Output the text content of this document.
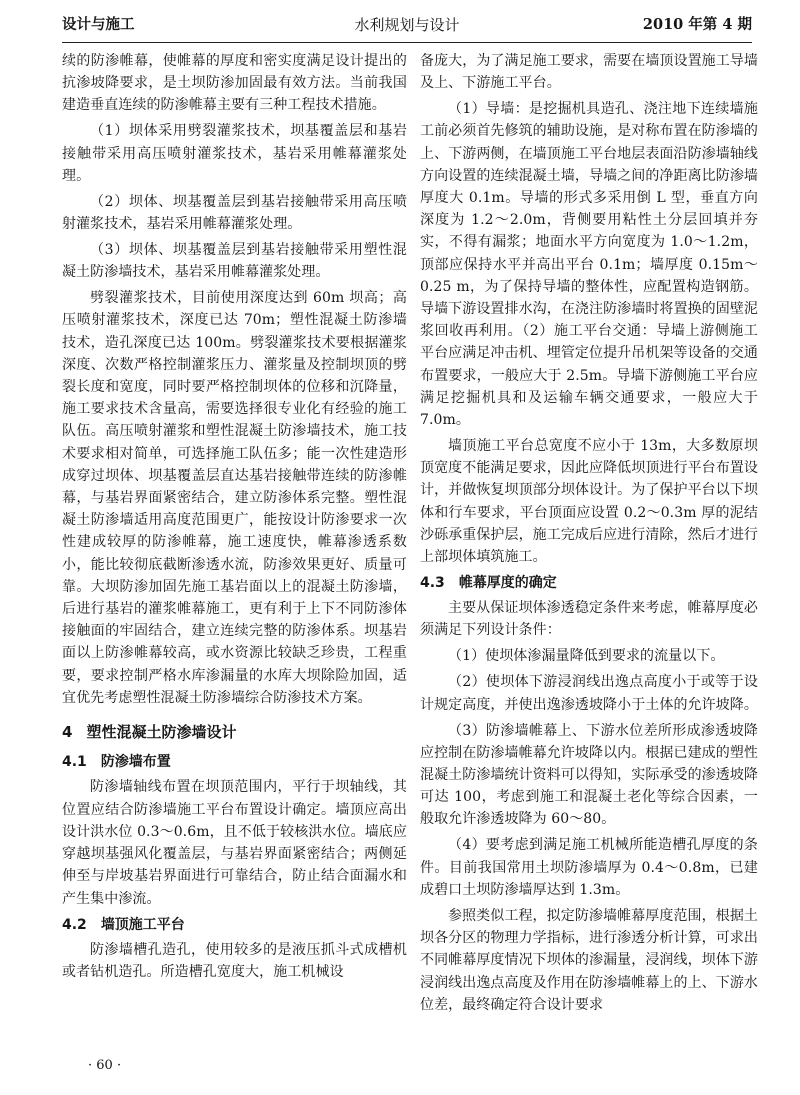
设计与施工	水利规划与设计	2010 年第 4 期

续的防渗帷幕，使帷幕的厚度和密实度满足设计提出的抗渗坡降要求，是土坝防渗加固最有效方法。当前我国建造垂直连续的防渗帷幕主要有三种工程技术措施。

（1）坝体采用劈裂灌浆技术，坝基覆盖层和基岩接触带采用高压喷射灌浆技术，基岩采用帷幕灌浆处理。

（2）坝体、坝基覆盖层到基岩接触带采用高压喷射灌浆技术，基岩采用帷幕灌浆处理。

（3）坝体、坝基覆盖层到基岩接触带采用塑性混凝土防渗墙技术，基岩采用帷幕灌浆处理。

劈裂灌浆技术，目前使用深度达到 60m 坝高；高压喷射灌浆技术，深度已达 70m；塑性混凝土防渗墙技术，造孔深度已达 100m。劈裂灌浆技术要根据灌浆深度、次数严格控制灌浆压力、灌浆量及控制坝顶的劈裂长度和宽度，同时要严格控制坝体的位移和沉降量，施工要求技术含量高，需要选择很专业化有经验的施工队伍。高压喷射灌浆和塑性混凝土防渗墙技术，施工技术要求相对简单，可选择施工队伍多；能一次性建造形成穿过坝体、坝基覆盖层直达基岩接触带连续的防渗帷幕，与基岩界面紧密结合，建立防渗体系完整。塑性混凝土防渗墙适用高度范围更广，能按设计防渗要求一次性建成较厚的防渗帷幕，施工速度快，帷幕渗透系数小，能比较彻底截断渗透水流，防渗效果更好、质量可靠。大坝防渗加固先施工基岩面以上的混凝土防渗墙，后进行基岩的灌浆帷幕施工，更有利于上下不同防渗体接触面的牢固结合，建立连续完整的防渗体系。坝基岩面以上防渗帷幕较高，或水资源比较缺乏珍贵，工程重要，要求控制严格水库渗漏量的水库大坝除险加固，适宜优先考虑塑性混凝土防渗墙综合防渗技术方案。

4 塑性混凝土防渗墙设计
4.1 防渗墙布置

防渗墙轴线布置在坝顶范围内，平行于坝轴线，其位置应结合防渗墙施工平台布置设计确定。墙顶应高出设计洪水位 0.3～0.6m，且不低于较核洪水位。墙底应穿越坝基强风化覆盖层，与基岩界面紧密结合；两侧延伸至与岸坡基岩界面进行可靠结合，防止结合面漏水和产生集中渗流。

4.2 墙顶施工平台

防渗墙槽孔造孔，使用较多的是液压抓斗式成槽机或者钻机造孔。所造槽孔宽度大，施工机械设

备庞大，为了满足施工要求，需要在墙顶设置施工导墙及上、下游施工平台。

（1）导墙：是挖掘机具造孔、浇注地下连续墙施工前必须首先修筑的辅助设施，是对称布置在防渗墙的上、下游两侧，在墙顶施工平台地层表面沿防渗墙轴线方向设置的连续混凝土墙，导墙之间的净距离比防渗墙厚度大 0.1m。导墙的形式多采用倒 L 型，垂直方向深度为 1.2～2.0m，背侧要用粘性土分层回填并夯实，不得有漏浆；地面水平方向宽度为 1.0～1.2m，顶部应保持水平并高出平台 0.1m；墙厚度 0.15m～0.25 m，为了保持导墙的整体性，应配置构造钢筋。导墙下游设置排水沟，在浇注防渗墙时将置换的固壁泥浆回收再利用。（2）施工平台交通：导墙上游侧施工平台应满足冲击机、埋管定位提升吊机架等设备的交通布置要求，一般应大于 2.5m。导墙下游侧施工平台应满足挖掘机具和及运输车辆交通要求，一般应大于 7.0m。

墙顶施工平台总宽度不应小于 13m，大多数原坝顶宽度不能满足要求，因此应降低坝顶进行平台布置设计，并做恢复坝顶部分坝体设计。为了保护平台以下坝体和行车要求，平台顶面应设置 0.2～0.3m 厚的泥结沙砾承重保护层，施工完成后应进行清除，然后才进行上部坝体填筑施工。

4.3 帷幕厚度的确定

主要从保证坝体渗透稳定条件来考虑，帷幕厚度必须满足下列设计条件：

（1）使坝体渗漏量降低到要求的流量以下。

（2）使坝体下游浸润线出逸点高度小于或等于设计规定高度，并使出逸渗透坡降小于土体的允许坡降。

（3）防渗墙帷幕上、下游水位差所形成渗透坡降应控制在防渗墙帷幕允许坡降以内。根据已建成的塑性混凝土防渗墙统计资料可以得知，实际承受的渗透坡降可达 100，考虑到施工和混凝土老化等综合因素，一般取允许渗透坡降为 60～80。

（4）要考虑到满足施工机械所能造槽孔厚度的条件。目前我国常用土坝防渗墙厚为 0.4～0.8m，已建成碧口土坝防渗墙厚达到 1.3m。

参照类似工程，拟定防渗墙帷幕厚度范围，根据土坝各分区的物理力学指标，进行渗透分析计算，可求出不同帷幕厚度情况下坝体的渗漏量，浸润线，坝体下游浸润线出逸点高度及作用在防渗墙帷幕上的上、下游水位差，最终确定符合设计要求

· 60 ·
